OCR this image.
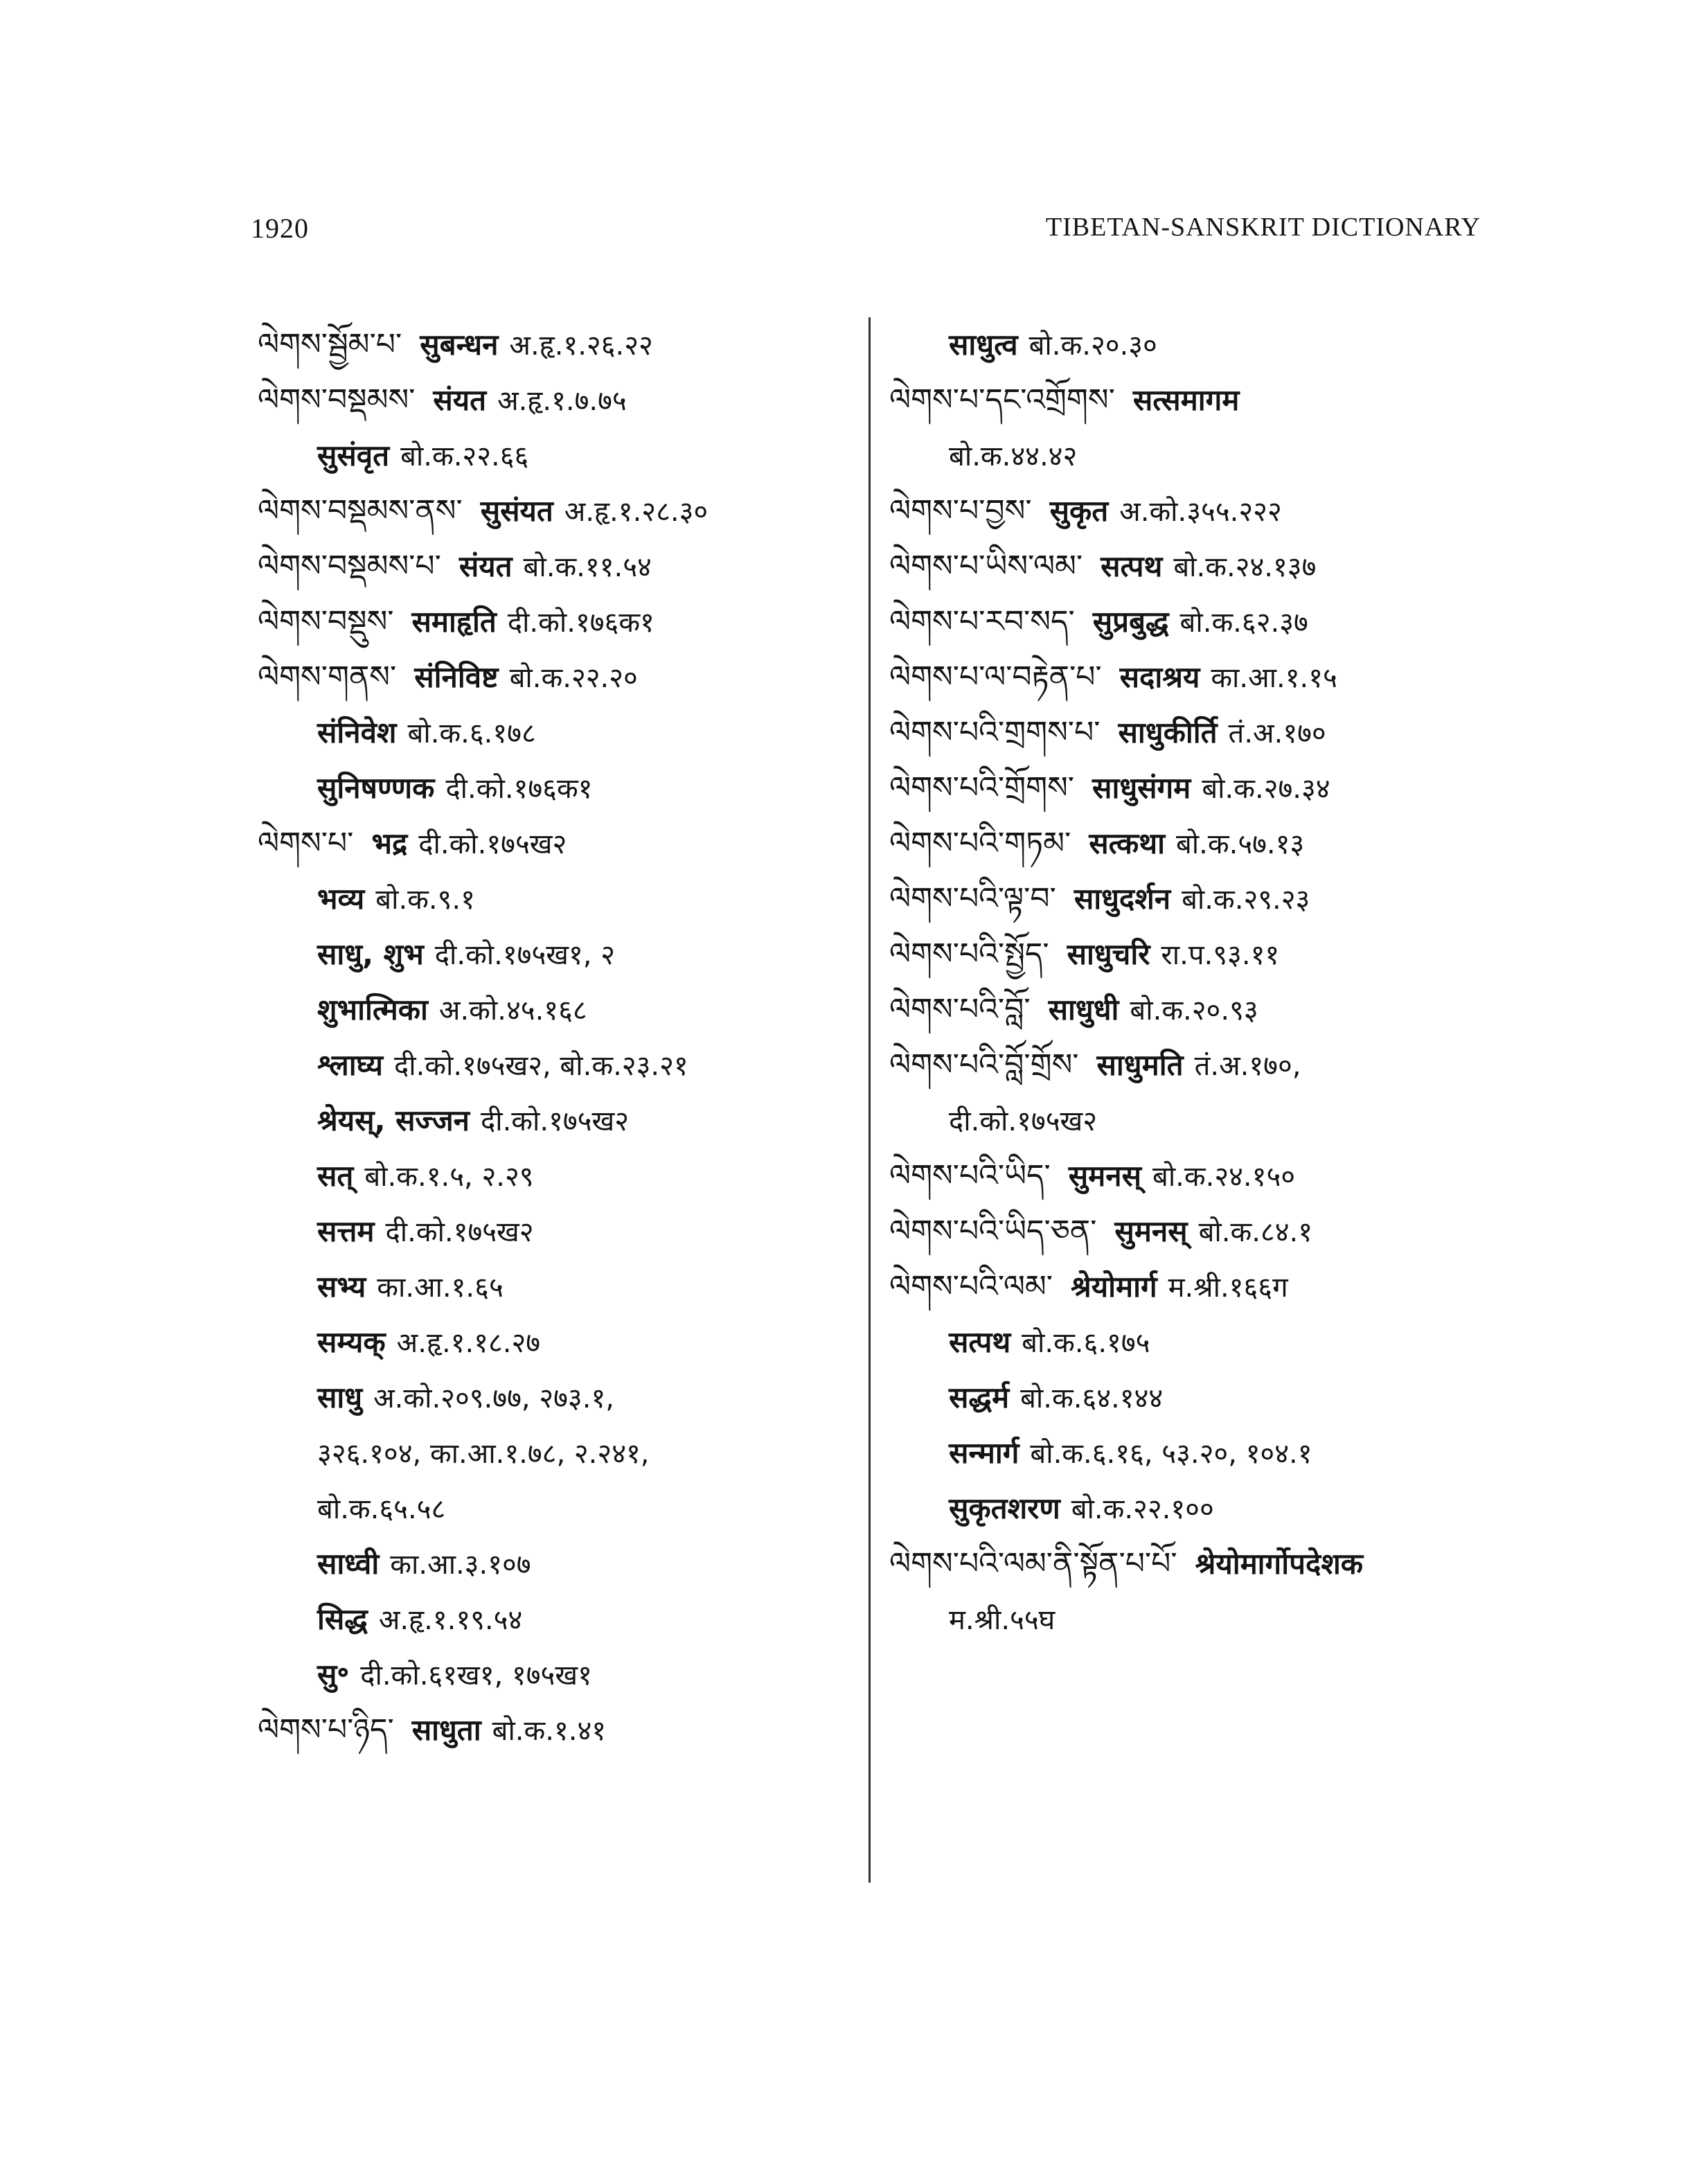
1920	TIBETAN-SANSKRIT DICTIONARY
ལེགས་སྦྱོམ་པ་ सुबन्धन अ.हृ.१.२६.२२
ལེགས་བསྡམས་ संयत अ.हृ.१.७.७५
सुसंवृत बो.क.२२.६६
ལེགས་བསྡམས་ནས་ सुसंयत अ.हृ.१.२८.३०
ལེགས་བསྡམས་པ་ संयत बो.क.११.५४
ལེགས་བསྡུས་ समाहृति दी.को.१७६क१
ལེགས་གནས་ संनिविष्ट बो.क.२२.२०
संनिवेश बो.क.६.१७८
सुनिषण्णक दी.को.१७६क१
ལེགས་པ་ भद्र दी.को.१७५ख२
भव्य बो.क.९.१
साधु, शुभ दी.को.१७५ख१, २
शुभात्मिका अ.को.४५.१६८
श्लाघ्य दी.को.१७५ख२, बो.क.२३.२१
श्रेयस्, सज्जन दी.को.१७५ख२
सत् बो.क.१.५, २.२९
सत्तम दी.को.१७५ख२
सभ्य का.आ.१.६५
सम्यक् अ.हृ.१.१८.२७
साधु अ.को.२०९.७७, २७३.१,
३२६.१०४, का.आ.१.७८, २.२४१,
बो.क.६५.५८
साध्वी का.आ.३.१०७
सिद्ध अ.हृ.१.१९.५४
सु॰ दी.को.६१ख१, १७५ख१
ལེགས་པ་ཉིད་ साधुता बो.क.१.४१
साधुत्व बो.क.२०.३०
ལེགས་པ་དང་འགྲོགས་ सत्समागम
बो.क.४४.४२
ལེགས་པ་བྱས་ सुकृत अ.को.३५५.२२२
ལེགས་པ་ཡིས་ལམ་ सत्पथ बो.क.२४.१३७
ལེགས་པ་རབ་སད་ सुप्रबुद्ध बो.क.६२.३७
ལེགས་པ་ལ་བརྟེན་པ་ सदाश्रय का.आ.१.१५
ལེགས་པའི་གྲགས་པ་ साधुकीर्ति तं.अ.१७०
ལེགས་པའི་གྲོགས་ साधुसंगम बो.क.२७.३४
ལེགས་པའི་གཏམ་ सत्कथा बो.क.५७.१३
ལེགས་པའི་ལྟ་བ་ साधुदर्शन बो.क.२९.२३
ལེགས་པའི་སྤྱོད་ साधुचरि रा.प.९३.११
ལེགས་པའི་བློ་ साधुधी बो.क.२०.९३
ལེགས་པའི་བློ་གྲོས་ साधुमति तं.अ.१७०,
दी.को.१७५ख२
ལེགས་པའི་ཡིད་ सुमनस् बो.क.२४.१५०
ལེགས་པའི་ཡིད་ཅན་ सुमनस् बो.क.८४.१
ལེགས་པའི་ལམ་ श्रेयोमार्ग म.श्री.१६६ग
सत्पथ बो.क.६.१७५
सद्धर्म बो.क.६४.१४४
सन्मार्ग बो.क.६.१६, ५३.२०, १०४.१
सुकृतशरण बो.क.२२.१००
ལེགས་པའི་ལམ་ནི་སྟོན་པ་པོ་ श्रेयोमार्गोपदेशक
म.श्री.५५घ
